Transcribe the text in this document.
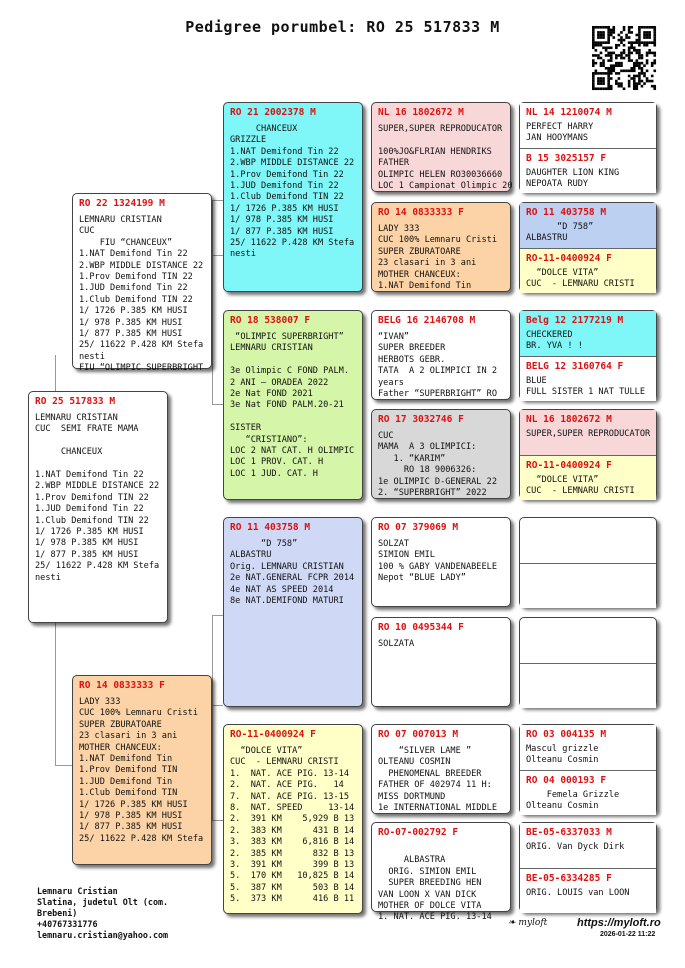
Pedigree porumbel: RO 25 517833 M
RO 25 517833 M
LEMNARU CRISTIAN
CUC  SEMI FRATE MAMA

CHANCEUX

1.NAT Demifond Tin 22
2.WBP MIDDLE DISTANCE 22
1.Prov Demifond TIN 22
1.JUD Demifond Tin 22
1.Club Demifond TIN 22
1/ 1726 P.385 KM HUSI
1/ 978 P.385 KM HUSI
1/ 877 P.385 KM HUSI
25/ 11622 P.428 KM Stefa
nesti
RO 22 1324199 M
LEMNARU CRISTIAN
CUC
FIU “CHANCEUX”
1.NAT Demifond Tin 22
2.WBP MIDDLE DISTANCE 22
1.Prov Demifond TIN 22
1.JUD Demifond Tin 22
1.Club Demifond TIN 22
1/ 1726 P.385 KM HUSI
1/ 978 P.385 KM HUSI
1/ 877 P.385 KM HUSI
25/ 11622 P.428 KM Stefa
nesti
FIU “OLIMPIC SUPERBRIGHT
RO 14 0833333 F
LADY 333
CUC 100% Lemnaru Cristi
SUPER ZBURATOARE
23 clasari in 3 ani
MOTHER CHANCEUX:
1.NAT Demifond Tin
1.Prov Demifond TIN
1.JUD Demifond Tin
1.Club Demifond TIN
1/ 1726 P.385 KM HUSI
1/ 978 P.385 KM HUSI
1/ 877 P.385 KM HUSI
25/ 11622 P.428 KM Stefa
RO 21 2002378 M
CHANCEUX
GRIZZLE
1.NAT Demifond Tin 22
2.WBP MIDDLE DISTANCE 22
1.Prov Demifond Tin 22
1.JUD Demifond Tin 22
1.Club Demifond TIN 22
1/ 1726 P.385 KM HUSI
1/ 978 P.385 KM HUSI
1/ 877 P.385 KM HUSI
25/ 11622 P.428 KM Stefa
nesti
RO 18 538007 F
“OLIMPIC SUPERBRIGHT”
LEMNARU CRISTIAN

3e Olimpic C FOND PALM.
2 ANI – ORADEA 2022
2e Nat FOND 2021
3e Nat FOND PALM.20-21

SISTER
“CRISTIANO”:
LOC 2 NAT CAT. H OLIMPIC
LOC 1 PROV. CAT. H
LOC 1 JUD. CAT. H
RO 11 403758 M
“D 758”
ALBASTRU
Orig. LEMNARU CRISTIAN
2e NAT.GENERAL FCPR 2014
4e NAT AS SPEED 2014
8e NAT.DEMIFOND MATURI
RO-11-0400924 F
“DOLCE VITA”
CUC  - LEMNARU CRISTI
1.  NAT. ACE PIG. 13-14
2.  NAT. ACE PIG.   14
7.  NAT. ACE PIG. 13-15
8.  NAT. SPEED     13-14
2.  391 KM    5,929 B 13
2.  383 KM      431 B 14
3.  383 KM    6,816 B 14
2.  385 KM      832 B 13
3.  391 KM      399 B 13
5.  170 KM   10,825 B 14
5.  387 KM      503 B 14
5.  373 KM      416 B 11
NL 16 1802672 M
SUPER,SUPER REPRODUCATOR

100%JO&FLRIAN HENDRIKS
FATHER
OLIMPIC HELEN RO30036660
LOC 1 Campionat Olimpic 20
RO 14 0833333 F
LADY 333
CUC 100% Lemnaru Cristi
SUPER ZBURATOARE
23 clasari in 3 ani
MOTHER CHANCEUX:
1.NAT Demifond Tin
BELG 16 2146708 M
“IVAN”
SUPER BREEDER
HERBOTS GEBR.
TATA  A 2 OLIMPICI IN 2
years
Father “SUPERBRIGHT” RO
RO 17 3032746 F
CUC
MAMA  A 3 OLIMPICI:
1. “KARIM”
RO 18 9006326:
1e OLIMPIC D-GENERAL 22
2. “SUPERBRIGHT” 2022
RO 07 379069 M
SOLZAT
SIMION EMIL
100 % GABY VANDENABEELE
Nepot “BLUE LADY”
RO 10 0495344 F
SOLZATA
RO 07 007013 M
“SILVER LAME ”
OLTEANU COSMIN
PHENOMENAL BREEDER
FATHER OF 402974 11 H:
MISS DORTMUND
1e INTERNATIONAL MIDDLE
RO-07-002792 F

ALBASTRA
ORIG. SIMION EMIL
SUPER BREEDING HEN
VAN LOON X VAN DICK
MOTHER OF DOLCE VITA
1. NAT. ACE PIG. 13-14
NL 14 1210074 M
PERFECT HARRY
JAN HOOYMANS
B 15 3025157 F
DAUGHTER LION KING
NEPOATA RUDY
RO 11 403758 M
“D 758”
ALBASTRU
RO-11-0400924 F
“DOLCE VITA”
CUC  - LEMNARU CRISTI
Belg 12 2177219 M
CHECKERED
BR. YVA ! !
BELG 12 3160764 F
BLUE
FULL SISTER 1 NAT TULLE
NL 16 1802672 M
SUPER,SUPER REPRODUCATOR
RO-11-0400924 F
“DOLCE VITA”
CUC  - LEMNARU CRISTI
RO 03 004135 M
Mascul grizzle
Olteanu Cosmin
RO 04 000193 F
Femela Grizzle
Olteanu Cosmin
BE-05-6337033 M
ORIG. Van Dyck Dirk
BE-05-6334285 F
ORIG. LOUIS van LOON
Lemnaru Cristian
Slatina, judetul Olt (com.
Brebeni)
+40767331776
lemnaru.cristian@yahoo.com
❧ myloft	https://myloft.ro
2026-01-22 11:22
